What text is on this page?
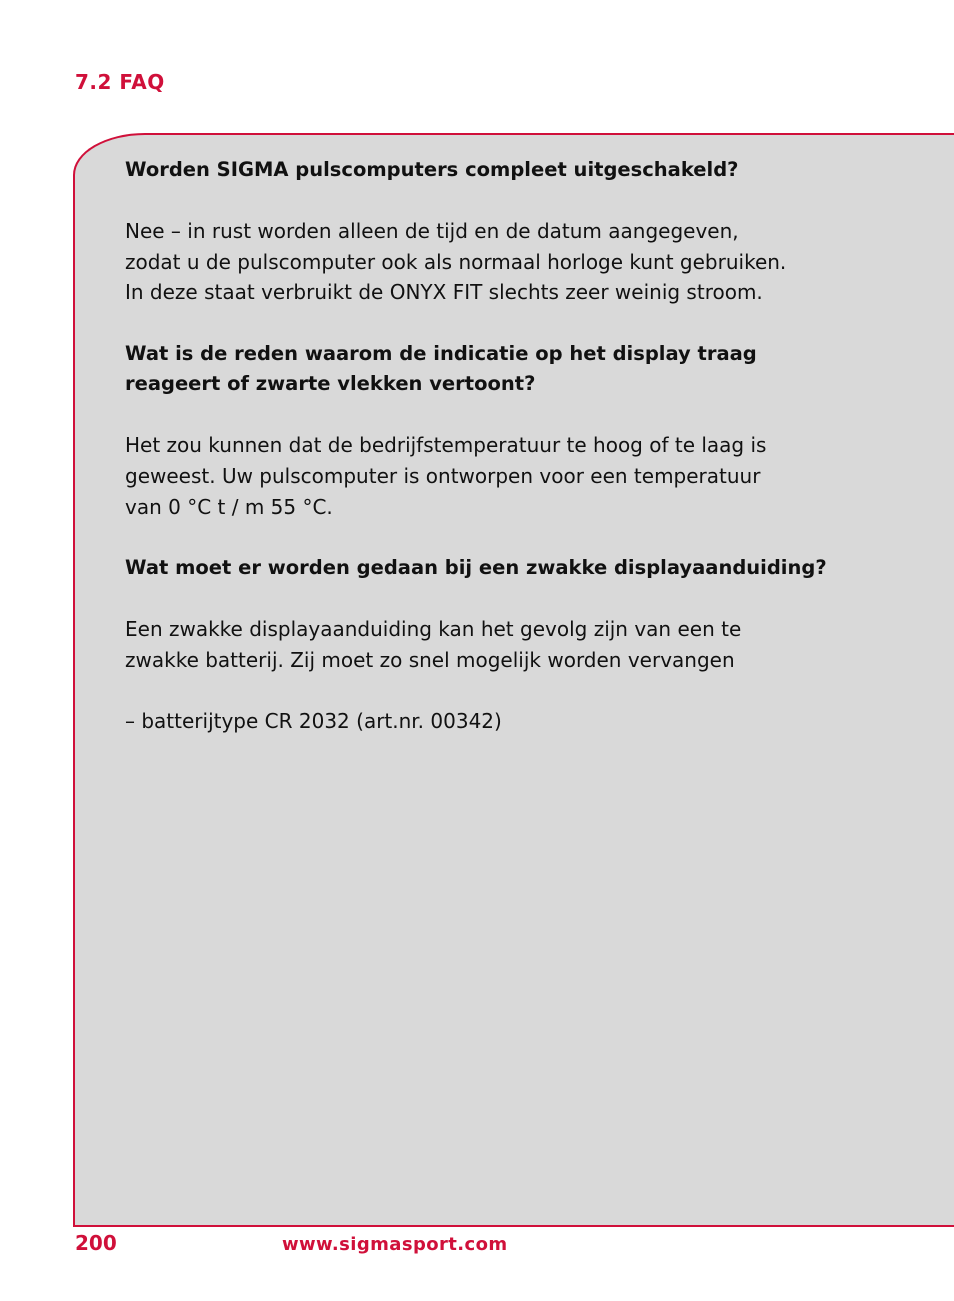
7.2 FAQ

Worden SIGMA pulscomputers compleet uitgeschakeld?

Nee – in rust worden alleen de tijd en de datum aangegeven,
zodat u de pulscomputer ook als normaal horloge kunt gebruiken.
In deze staat verbruikt de ONYX FIT slechts zeer weinig stroom.

Wat is de reden waarom de indicatie op het display traag
reageert of zwarte vlekken vertoont?

Het zou kunnen dat de bedrijfstemperatuur te hoog of te laag is
geweest. Uw pulscomputer is ontworpen voor een temperatuur
van 0 °C t / m 55 °C.

Wat moet er worden gedaan bij een zwakke displayaanduiding?

Een zwakke displayaanduiding kan het gevolg zijn van een te
zwakke batterij. Zij moet zo snel mogelijk worden vervangen

– batterijtype CR 2032 (art.nr. 00342)

200	www.sigmasport.com
